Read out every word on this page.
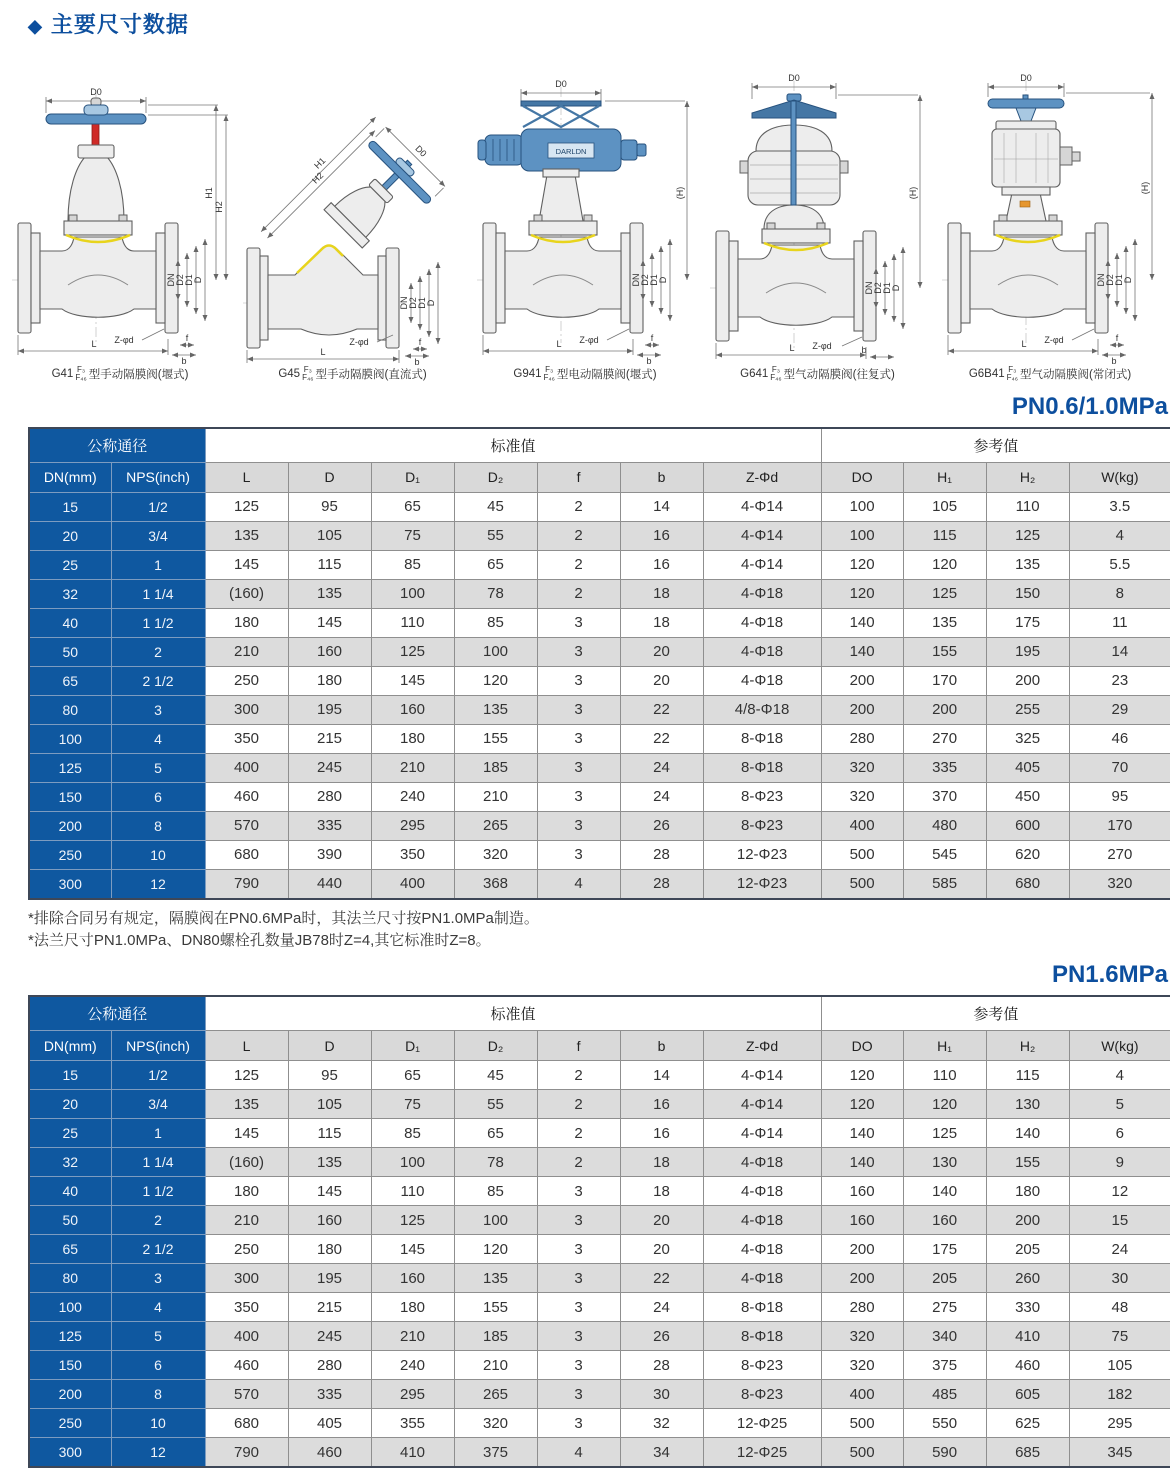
◆ 主要尺寸数据
D0
H1
H2
DN D2 D1 D
Z-φd	f
b
L
G41 F₃
F₄₆ 型手动隔膜阀(堰式)
D0
H1
H2
DN D2 D1 D
Z-φd	f
b
L
G45 F₃
F₄₆ 型手动隔膜阀(直流式)
D0
DARLDN
(H)
DN D2 D1 D
Z-φd	f
b
L
G941 F₃
F₄₆ 型电动隔膜阀(堰式)
D0
(H)
DN D2 D1 D
Z-φd	b
L
G641 F₃
F₄₆ 型气动隔膜阀(往复式)
D0
(H)
DN D2 D1 D
Z-φd	f
b
L
G6B41 F₃
F₄₆ 型气动隔膜阀(常闭式)
PN0.6/1.0MPa
公称通径		标准值							参考值			
DN(mm)	NPS(inch)	L	D	D₁	D₂	f	b	Z-Φd	DO	H₁	H₂	W(kg)
15	1/2	125	95	65	45	2	14	4-Φ14	100	105	110	3.5
20	3/4	135	105	75	55	2	16	4-Φ14	100	115	125	4
25	1	145	115	85	65	2	16	4-Φ14	120	120	135	5.5
32	1 1/4	(160)	135	100	78	2	18	4-Φ18	120	125	150	8
40	1 1/2	180	145	110	85	3	18	4-Φ18	140	135	175	11
50	2	210	160	125	100	3	20	4-Φ18	140	155	195	14
65	2 1/2	250	180	145	120	3	20	4-Φ18	200	170	200	23
80	3	300	195	160	135	3	22	4/8-Φ18	200	200	255	29
100	4	350	215	180	155	3	22	8-Φ18	280	270	325	46
125	5	400	245	210	185	3	24	8-Φ18	320	335	405	70
150	6	460	280	240	210	3	24	8-Φ23	320	370	450	95
200	8	570	335	295	265	3	26	8-Φ23	400	480	600	170
250	10	680	390	350	320	3	28	12-Φ23	500	545	620	270
300	12	790	440	400	368	4	28	12-Φ23	500	585	680	320

*排除合同另有规定，隔膜阀在PN0.6MPa时，其法兰尺寸按PN1.0MPa制造。

*法兰尺寸PN1.0MPa、DN80螺栓孔数量JB78时Z=4,其它标准时Z=8。

PN1.6MPa
公称通径		标准值							参考值			
DN(mm)	NPS(inch)	L	D	D₁	D₂	f	b	Z-Φd	DO	H₁	H₂	W(kg)
15	1/2	125	95	65	45	2	14	4-Φ14	120	110	115	4
20	3/4	135	105	75	55	2	16	4-Φ14	120	120	130	5
25	1	145	115	85	65	2	16	4-Φ14	140	125	140	6
32	1 1/4	(160)	135	100	78	2	18	4-Φ18	140	130	155	9
40	1 1/2	180	145	110	85	3	18	4-Φ18	160	140	180	12
50	2	210	160	125	100	3	20	4-Φ18	160	160	200	15
65	2 1/2	250	180	145	120	3	20	4-Φ18	200	175	205	24
80	3	300	195	160	135	3	22	4-Φ18	200	205	260	30
100	4	350	215	180	155	3	24	8-Φ18	280	275	330	48
125	5	400	245	210	185	3	26	8-Φ18	320	340	410	75
150	6	460	280	240	210	3	28	8-Φ23	320	375	460	105
200	8	570	335	295	265	3	30	8-Φ23	400	485	605	182
250	10	680	405	355	320	3	32	12-Φ25	500	550	625	295
300	12	790	460	410	375	4	34	12-Φ25	500	590	685	345
